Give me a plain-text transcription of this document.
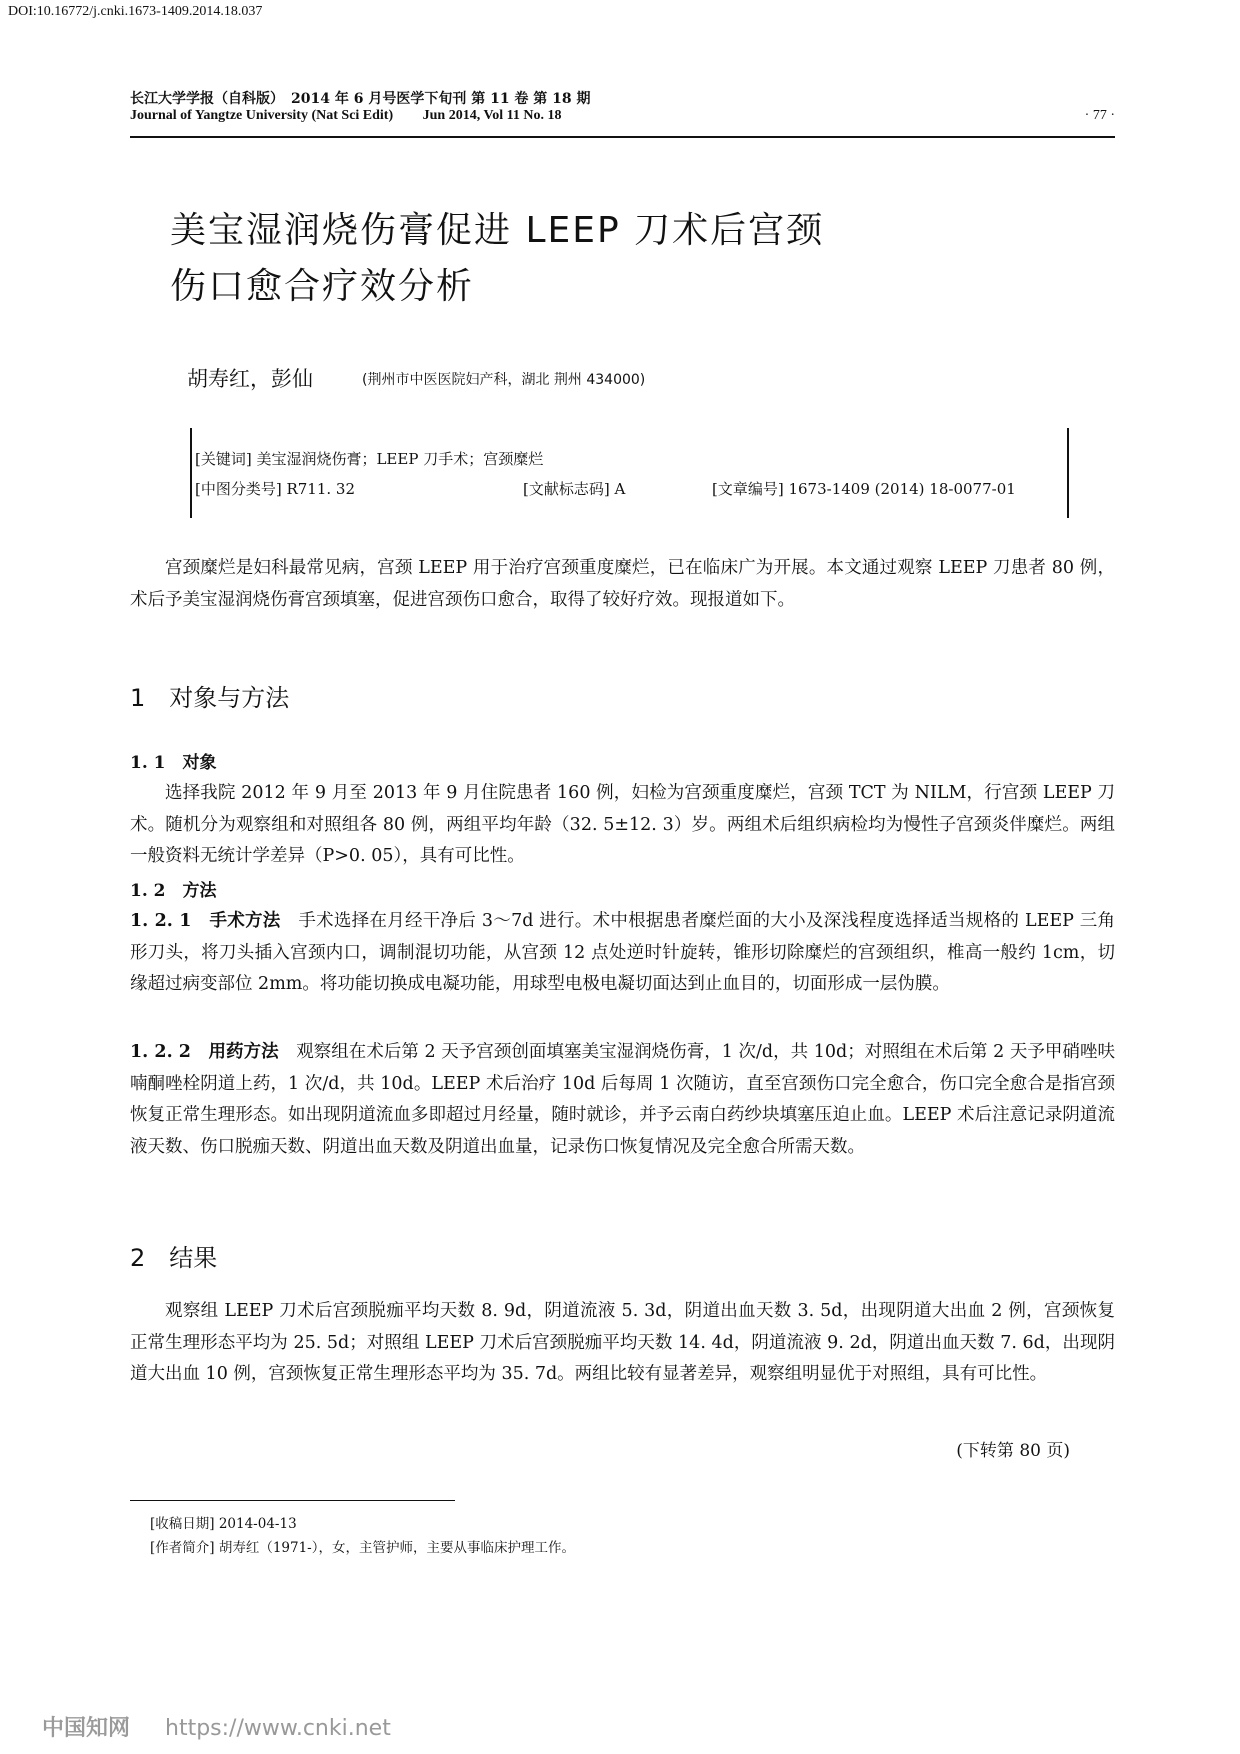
DOI:10.16772/j.cnki.1673-1409.2014.18.037
长江大学学报（自科版）　2014 年 6 月号医学下旬刊 第 11 卷 第 18 期
Journal of Yangtze University (Nat Sci Edit) Jun 2014, Vol 11 No. 18	· 77 ·
美宝湿润烧伤膏促进 LEEP 刀术后宫颈
伤口愈合疗效分析
胡寿红，彭仙	(荆州市中医医院妇产科，湖北 荆州 434000)
[关键词] 美宝湿润烧伤膏；LEEP 刀手术；宫颈糜烂
[中图分类号] R711. 32	[文献标志码] A	[文章编号] 1673-1409 (2014) 18-0077-01

宫颈糜烂是妇科最常见病，宫颈 LEEP 用于治疗宫颈重度糜烂，已在临床广为开展。本文通过观察 LEEP 刀患者 80 例，术后予美宝湿润烧伤膏宫颈填塞，促进宫颈伤口愈合，取得了较好疗效。现报道如下。

1　对象与方法
1. 1　对象

选择我院 2012 年 9 月至 2013 年 9 月住院患者 160 例，妇检为宫颈重度糜烂，宫颈 TCT 为 NILM，行宫颈 LEEP 刀术。随机分为观察组和对照组各 80 例，两组平均年龄（32. 5±12. 3）岁。两组术后组织病检均为慢性子宫颈炎伴糜烂。两组一般资料无统计学差异（P>0. 05），具有可比性。

1. 2　方法

1. 2. 1　手术方法　手术选择在月经干净后 3～7d 进行。术中根据患者糜烂面的大小及深浅程度选择适当规格的 LEEP 三角形刀头，将刀头插入宫颈内口，调制混切功能，从宫颈 12 点处逆时针旋转，锥形切除糜烂的宫颈组织，椎高一般约 1cm，切缘超过病变部位 2mm。将功能切换成电凝功能，用球型电极电凝切面达到止血目的，切面形成一层伪膜。

1. 2. 2　用药方法　观察组在术后第 2 天予宫颈创面填塞美宝湿润烧伤膏，1 次/d，共 10d；对照组在术后第 2 天予甲硝唑呋喃酮唑栓阴道上药，1 次/d，共 10d。LEEP 术后治疗 10d 后每周 1 次随访，直至宫颈伤口完全愈合，伤口完全愈合是指宫颈恢复正常生理形态。如出现阴道流血多即超过月经量，随时就诊，并予云南白药纱块填塞压迫止血。LEEP 术后注意记录阴道流液天数、伤口脱痂天数、阴道出血天数及阴道出血量，记录伤口恢复情况及完全愈合所需天数。

2　结果

观察组 LEEP 刀术后宫颈脱痂平均天数 8. 9d，阴道流液 5. 3d，阴道出血天数 3. 5d，出现阴道大出血 2 例，宫颈恢复正常生理形态平均为 25. 5d；对照组 LEEP 刀术后宫颈脱痂平均天数 14. 4d，阴道流液 9. 2d，阴道出血天数 7. 6d，出现阴道大出血 10 例，宫颈恢复正常生理形态平均为 35. 7d。两组比较有显著差异，观察组明显优于对照组，具有可比性。

(下转第 80 页)
[收稿日期] 2014-04-13
[作者简介] 胡寿红（1971-），女，主管护师，主要从事临床护理工作。
中国知网 https://www.cnki.net
